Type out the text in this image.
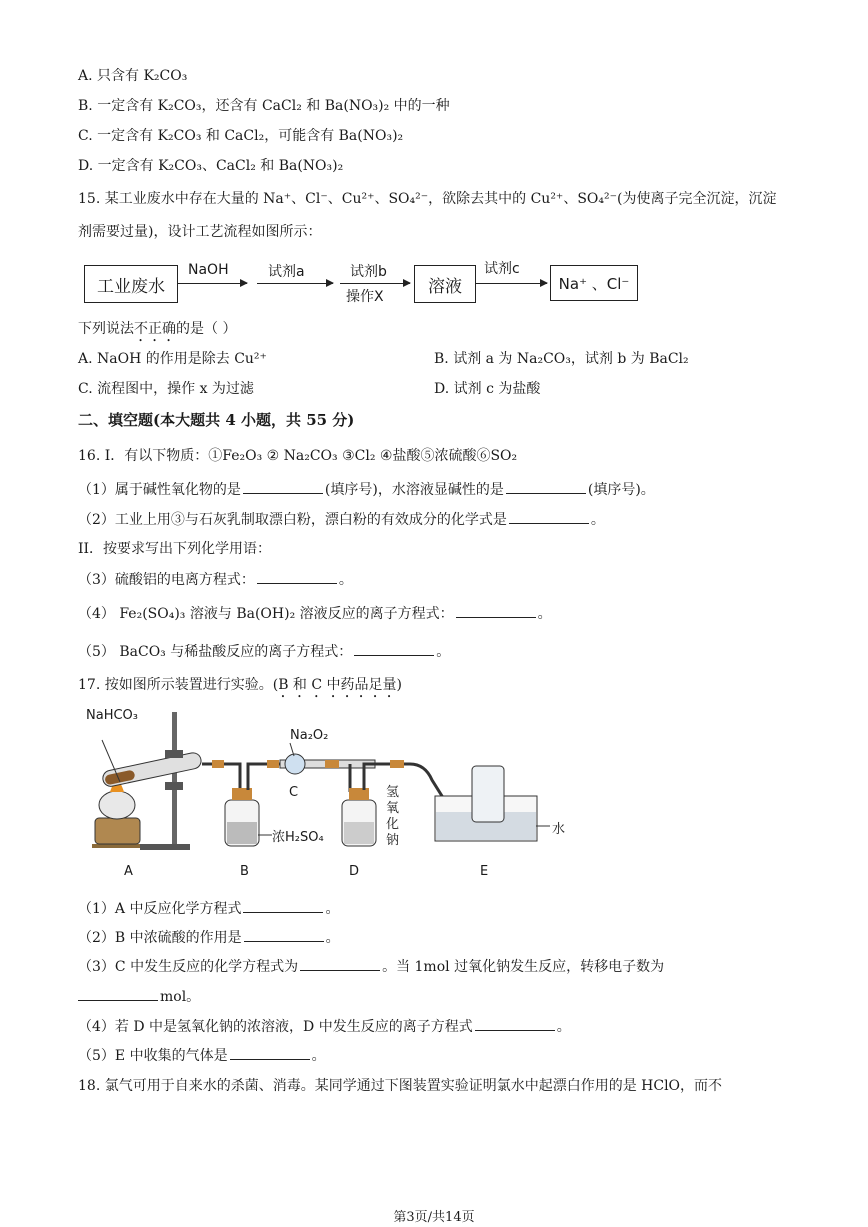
A. 只含有 K₂CO₃
B. 一定含有 K₂CO₃，还含有 CaCl₂ 和 Ba(NO₃)₂ 中的一种
C. 一定含有 K₂CO₃ 和 CaCl₂，可能含有 Ba(NO₃)₂
D. 一定含有 K₂CO₃、CaCl₂ 和 Ba(NO₃)₂
15. 某工业废水中存在大量的 Na⁺、Cl⁻、Cu²⁺、SO₄²⁻，欲除去其中的 Cu²⁺、SO₄²⁻(为使离子完全沉淀，沉淀
剂需要过量)，设计工艺流程如图所示：
工业废水
NaOH	试剂a	试剂b
操作X
溶液
试剂c
Na⁺ 、Cl⁻
下列说法不正确的是（ ）
A. NaOH 的作用是除去 Cu²⁺	B. 试剂 a 为 Na₂CO₃，试剂 b 为 BaCl₂
C. 流程图中，操作 x 为过滤	D. 试剂 c 为盐酸
二、填空题(本大题共 4 小题，共 55 分)
16. I．有以下物质：①Fe₂O₃ ② Na₂CO₃ ③Cl₂ ④盐酸⑤浓硫酸⑥SO₂
（1）属于碱性氧化物的是	(填序号)，水溶液显碱性的是	(填序号)。
（2）工业上用③与石灰乳制取漂白粉，漂白粉的有效成分的化学式是	。
II．按要求写出下列化学用语：
（3）硫酸铝的电离方程式：	。
（4） Fe₂(SO₄)₃ 溶液与 Ba(OH)₂ 溶液反应的离子方程式：	。
（5） BaCO₃ 与稀盐酸反应的离子方程式：	。
17. 按如图所示装置进行实验。(B 和 C 中药品足量)
NaHCO₃
Na₂O₂
C
浓H₂SO₄
氢氧化钠
水
A	B	D	E
（1）A 中反应化学方程式	。
（2）B 中浓硫酸的作用是	。
（3）C 中发生反应的化学方程式为	。当 1mol 过氧化钠发生反应，转移电子数为
mol。
（4）若 D 中是氢氧化钠的浓溶液，D 中发生反应的离子方程式	。
（5）E 中收集的气体是	。
18. 氯气可用于自来水的杀菌、消毒。某同学通过下图装置实验证明氯水中起漂白作用的是 HClO，而不
第3页/共14页
